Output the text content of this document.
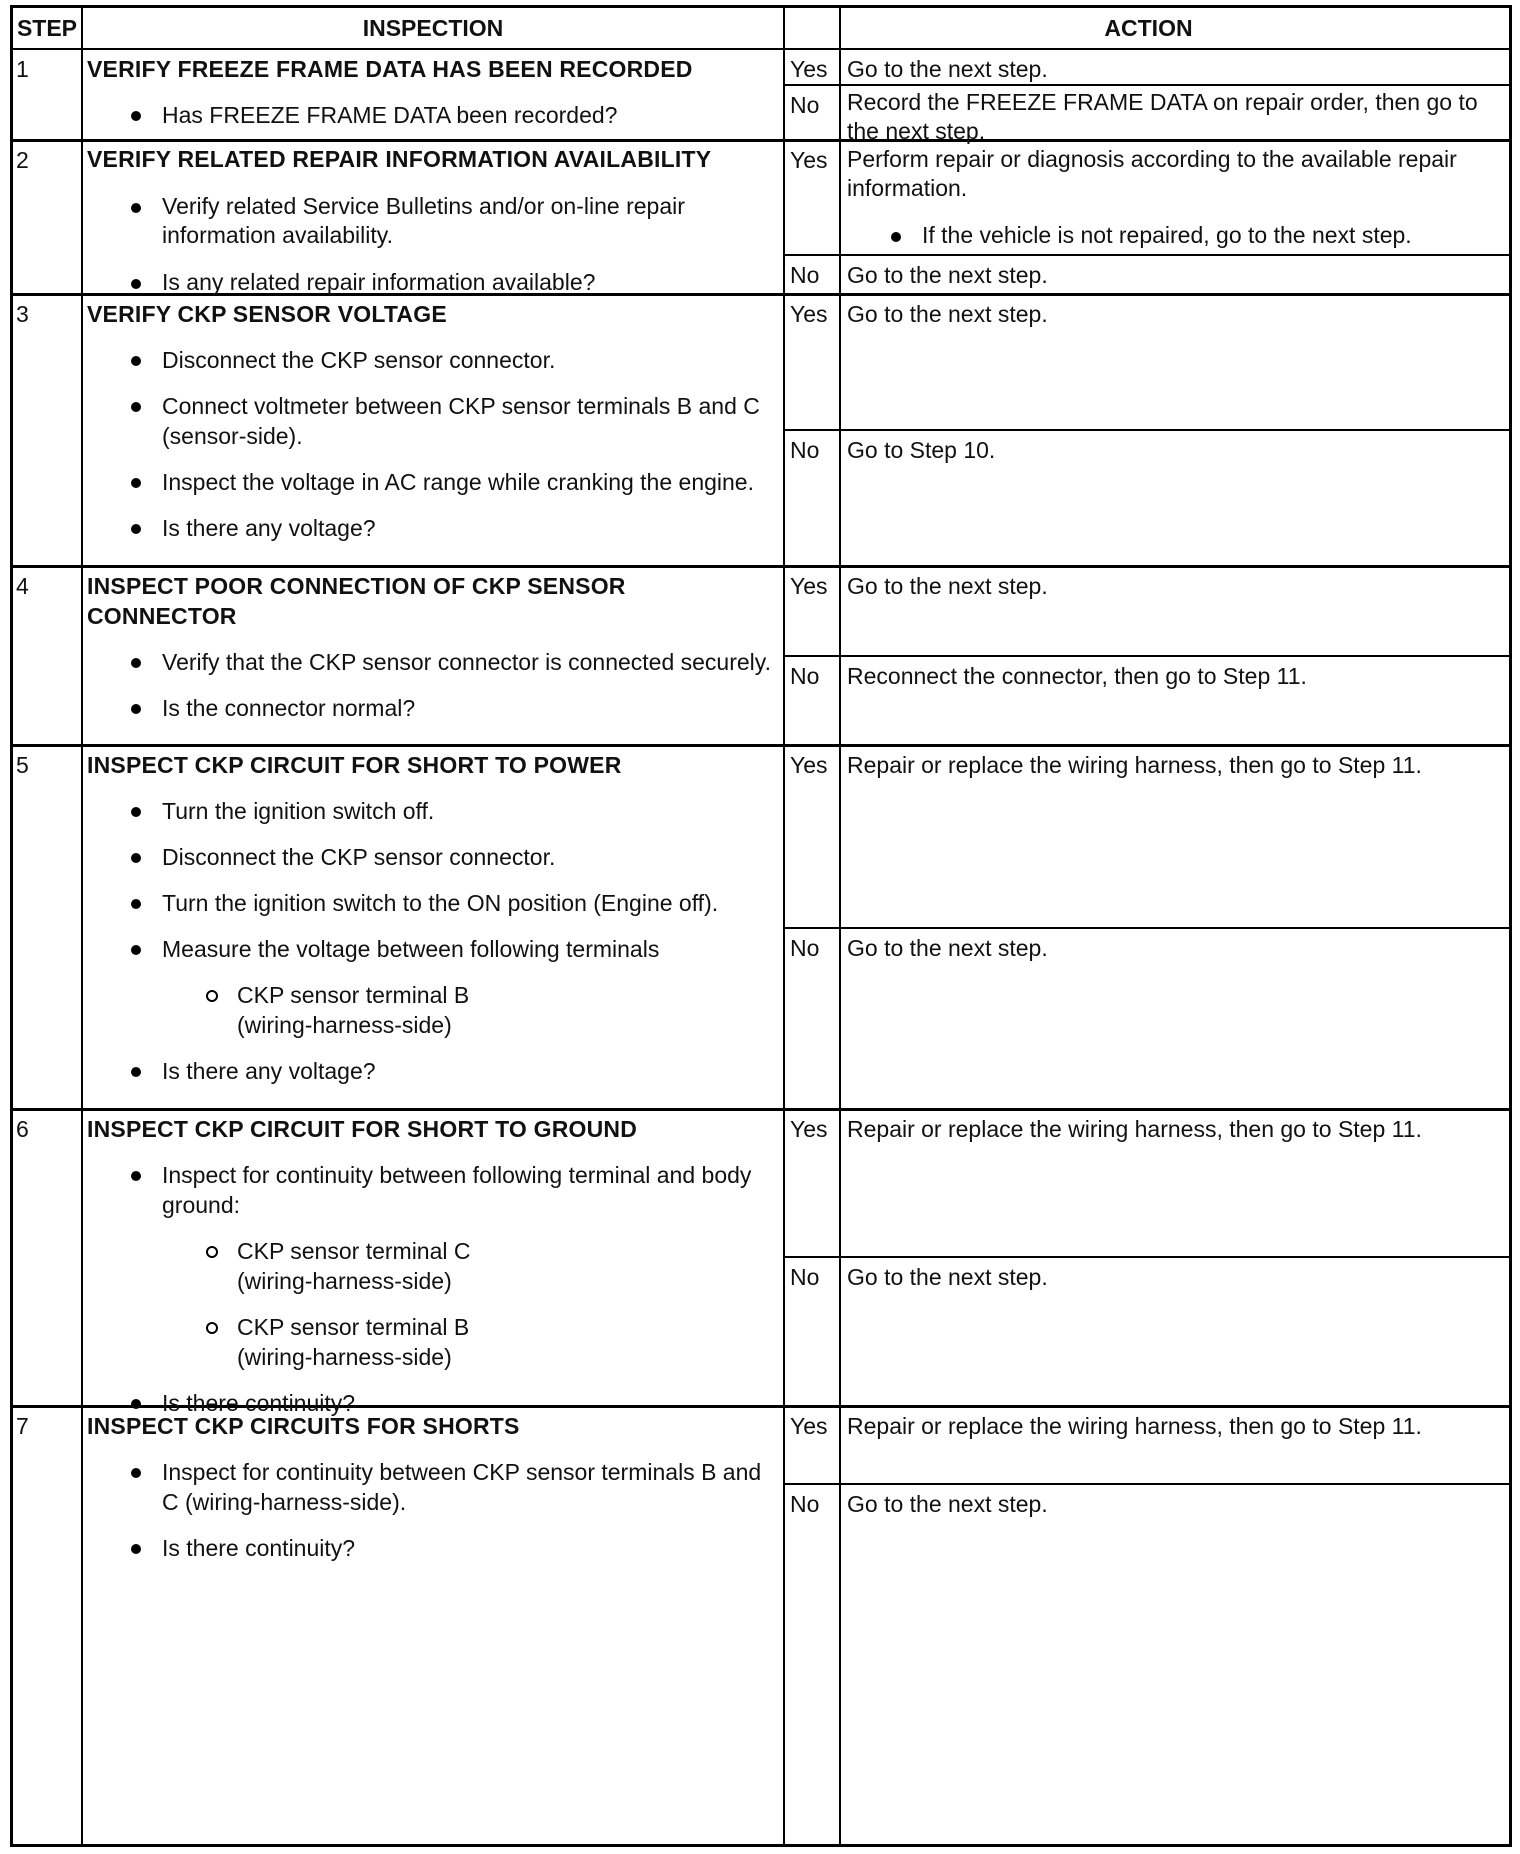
STEP	INSPECTION	ACTION
1	VERIFY FREEZE FRAME DATA HAS BEEN RECORDED
Has FREEZE FRAME DATA been recorded?
Yes Go to the next step.
No	Record the FREEZE FRAME DATA on repair order, then go to the next step.
2	VERIFY RELATED REPAIR INFORMATION AVAILABILITY
Verify related Service Bulletins and/or on-line repair information availability.
Is any related repair information available?
Yes Perform repair or diagnosis according to the available repair information.
If the vehicle is not repaired, go to the next step.
No	Go to the next step.
3	VERIFY CKP SENSOR VOLTAGE
Disconnect the CKP sensor connector.
Connect voltmeter between CKP sensor terminals B and C (sensor-side).
Inspect the voltage in AC range while cranking the engine.
Is there any voltage?
Yes Go to the next step.
No	Go to Step 10.
4	INSPECT POOR CONNECTION OF CKP SENSOR CONNECTOR
Verify that the CKP sensor connector is connected securely.
Is the connector normal?
Yes Go to the next step.
No	Reconnect the connector, then go to Step 11.
5	INSPECT CKP CIRCUIT FOR SHORT TO POWER
Turn the ignition switch off.
Disconnect the CKP sensor connector.
Turn the ignition switch to the ON position (Engine off).
Measure the voltage between following terminals
CKP sensor terminal B (wiring-harness-side)
Is there any voltage?
Yes Repair or replace the wiring harness, then go to Step 11.
No	Go to the next step.
6	INSPECT CKP CIRCUIT FOR SHORT TO GROUND
Inspect for continuity between following terminal and body ground:
CKP sensor terminal C (wiring-harness-side)
CKP sensor terminal B (wiring-harness-side)
Is there continuity?
Yes Repair or replace the wiring harness, then go to Step 11.
No	Go to the next step.
7	INSPECT CKP CIRCUITS FOR SHORTS
Inspect for continuity between CKP sensor terminals B and C (wiring-harness-side).
Is there continuity?
Yes Repair or replace the wiring harness, then go to Step 11.
No	Go to the next step.
